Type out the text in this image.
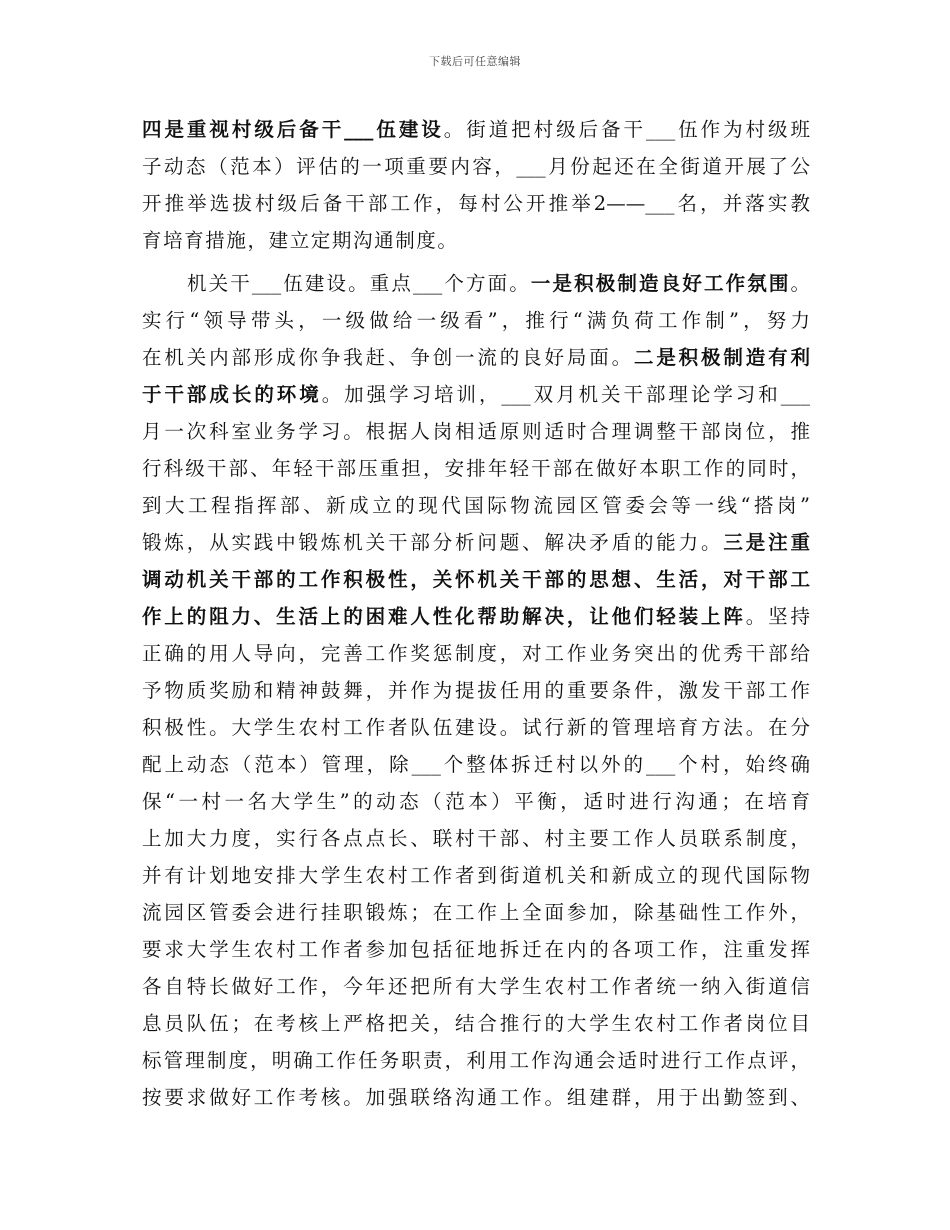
下载后可任意编辑
四是重视村级后备干___伍建设。街道把村级后备干___伍作为村级班
子动态（范本）评估的一项重要内容，___月份起还在全街道开展了公
开推举选拔村级后备干部工作，每村公开推举2——___名，并落实教
育培育措施，建立定期沟通制度。
机关干___伍建设。重点___个方面。一是积极制造良好工作氛围。
实行“领导带头，一级做给一级看”，推行“满负荷工作制”，努力
在机关内部形成你争我赶、争创一流的良好局面。二是积极制造有利
于干部成长的环境。加强学习培训，___双月机关干部理论学习和___
月一次科室业务学习。根据人岗相适原则适时合理调整干部岗位，推
行科级干部、年轻干部压重担，安排年轻干部在做好本职工作的同时，
到大工程指挥部、新成立的现代国际物流园区管委会等一线“搭岗”
锻炼，从实践中锻炼机关干部分析问题、解决矛盾的能力。三是注重
调动机关干部的工作积极性，关怀机关干部的思想、生活，对干部工
作上的阻力、生活上的困难人性化帮助解决，让他们轻装上阵。坚持
正确的用人导向，完善工作奖惩制度，对工作业务突出的优秀干部给
予物质奖励和精神鼓舞，并作为提拔任用的重要条件，激发干部工作
积极性。大学生农村工作者队伍建设。试行新的管理培育方法。在分
配上动态（范本）管理，除___个整体拆迁村以外的___个村，始终确
保“一村一名大学生”的动态（范本）平衡，适时进行沟通；在培育
上加大力度，实行各点点长、联村干部、村主要工作人员联系制度，
并有计划地安排大学生农村工作者到街道机关和新成立的现代国际物
流园区管委会进行挂职锻炼；在工作上全面参加，除基础性工作外，
要求大学生农村工作者参加包括征地拆迁在内的各项工作，注重发挥
各自特长做好工作，今年还把所有大学生农村工作者统一纳入街道信
息员队伍；在考核上严格把关，结合推行的大学生农村工作者岗位目
标管理制度，明确工作任务职责，利用工作沟通会适时进行工作点评，
按要求做好工作考核。加强联络沟通工作。组建群，用于出勤签到、
